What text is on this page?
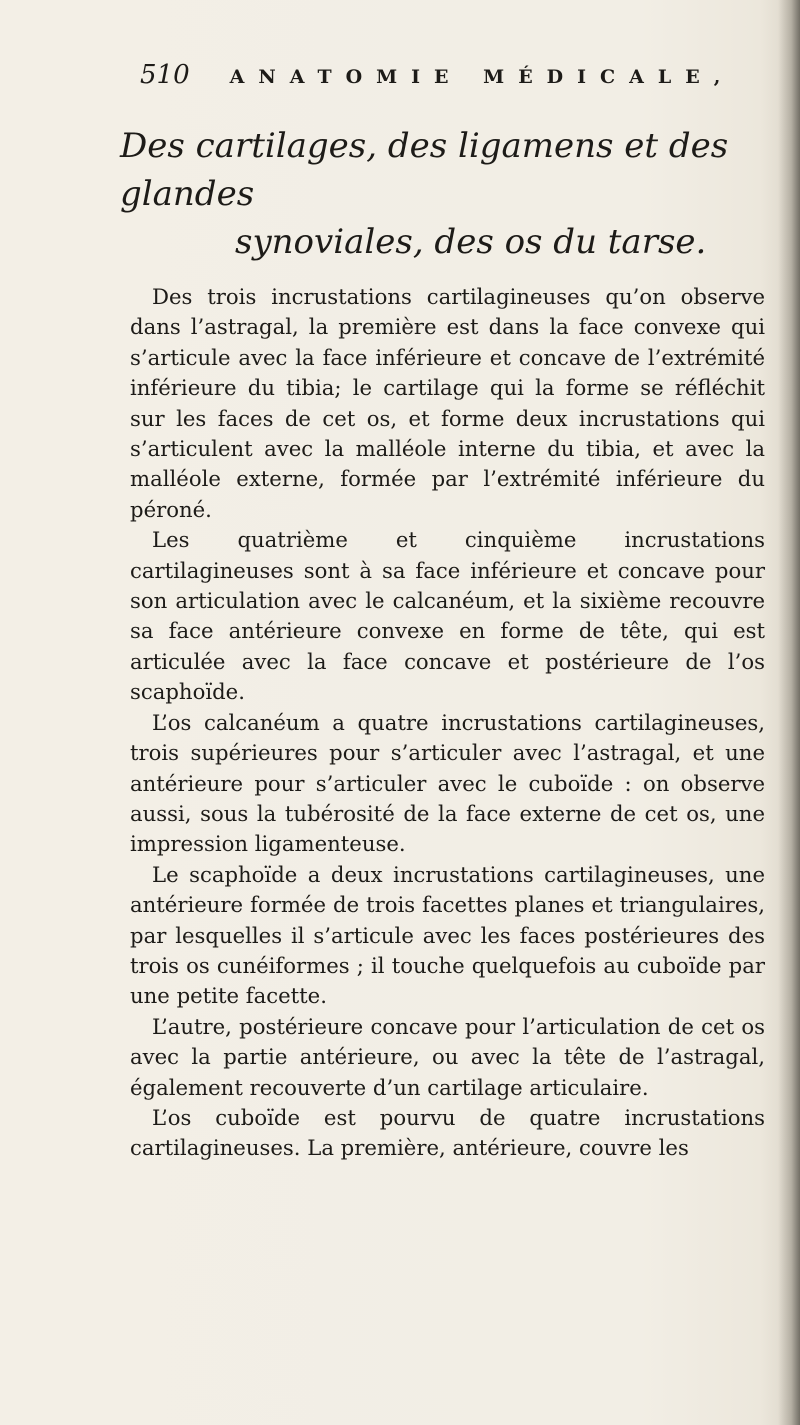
510 ANATOMIE MÉDICALE,
Des cartilages, des ligamens et des glandes
synoviales, des os du tarse.

Des trois incrustations cartilagineuses qu’on observe dans l’astragal, la première est dans la face convexe qui s’articule avec la face inférieure et concave de l’extrémité inférieure du tibia; le cartilage qui la forme se réfléchit sur les faces de cet os, et forme deux incrustations qui s’articulent avec la malléole interne du tibia, et avec la malléole externe, formée par l’extrémité inférieure du péroné.

Les quatrième et cinquième incrustations cartilagineuses sont à sa face inférieure et concave pour son articulation avec le calcanéum, et la sixième recouvre sa face antérieure convexe en forme de tête, qui est articulée avec la face concave et postérieure de l’os scaphoïde.

L’os calcanéum a quatre incrustations cartilagineuses, trois supérieures pour s’articuler avec l’astragal, et une antérieure pour s’articuler avec le cuboïde : on observe aussi, sous la tubérosité de la face externe de cet os, une impression ligamenteuse.

Le scaphoïde a deux incrustations cartilagineuses, une antérieure formée de trois facettes planes et triangulaires, par lesquelles il s’articule avec les faces postérieures des trois os cunéiformes ; il touche quelquefois au cuboïde par une petite facette.

L’autre, postérieure concave pour l’articulation de cet os avec la partie antérieure, ou avec la tête de l’astragal, également recouverte d’un cartilage articulaire.

L’os cuboïde est pourvu de quatre incrustations cartilagineuses. La première, antérieure, couvre les
